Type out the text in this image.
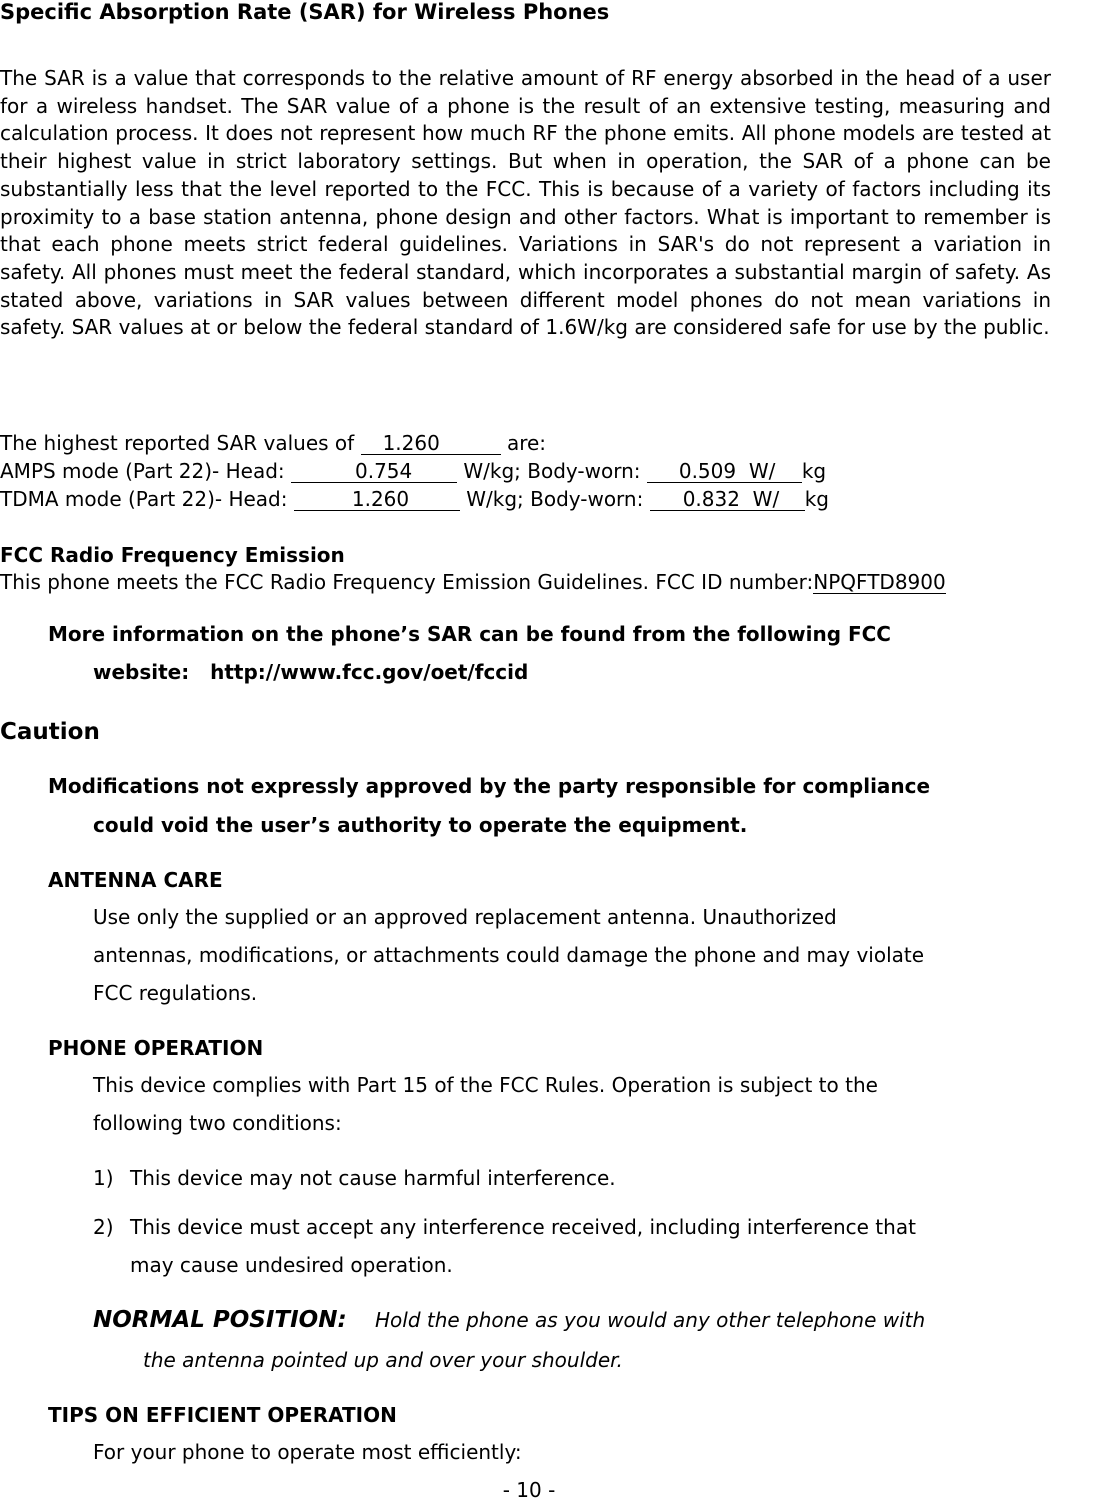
Specific Absorption Rate (SAR) for Wireless Phones

The SAR is a value that corresponds to the relative amount of RF energy absorbed in the head of a user for a wireless handset. The SAR value of a phone is the result of an extensive testing, measuring and calculation process. It does not represent how much RF the phone emits. All phone models are tested at their highest value in strict laboratory settings. But when in operation, the SAR of a phone can be substantially less that the level reported to the FCC. This is because of a variety of factors including its proximity to a base station antenna, phone design and other factors. What is important to remember is that each phone meets strict federal guidelines. Variations in SAR's do not represent a variation in safety. All phones must meet the federal standard, which incorporates a substantial margin of safety. As stated above, variations in SAR values between different model phones do not mean variations in safety. SAR values at or below the federal standard of 1.6W/kg are considered safe for use by the public.

The highest reported SAR values of 1.260	are:
AMPS mode (Part 22)- Head:	0.754	W/kg; Body-worn: 0.509  W/ kg
TDMA mode (Part 22)- Head:	1.260	W/kg; Body-worn: 0.832  W/ kg
FCC Radio Frequency Emission
This phone meets the FCC Radio Frequency Emission Guidelines. FCC ID number:NPQFTD8900
More information on the phone’s SAR can be found from the following FCC
website:   http://www.fcc.gov/oet/fccid
Caution
Modifications not expressly approved by the party responsible for compliance
could void the user’s authority to operate the equipment.
ANTENNA CARE
Use only the supplied or an approved replacement antenna. Unauthorized
antennas, modifications, or attachments could damage the phone and may violate
FCC regulations.
PHONE OPERATION
This device complies with Part 15 of the FCC Rules. Operation is subject to the
following two conditions:
1) This device may not cause harmful interference.
2) This device must accept any interference received, including interference that
may cause undesired operation.
NORMAL POSITION: Hold the phone as you would any other telephone with
the antenna pointed up and over your shoulder.
TIPS ON EFFICIENT OPERATION
For your phone to operate most efficiently:
- 10 -
